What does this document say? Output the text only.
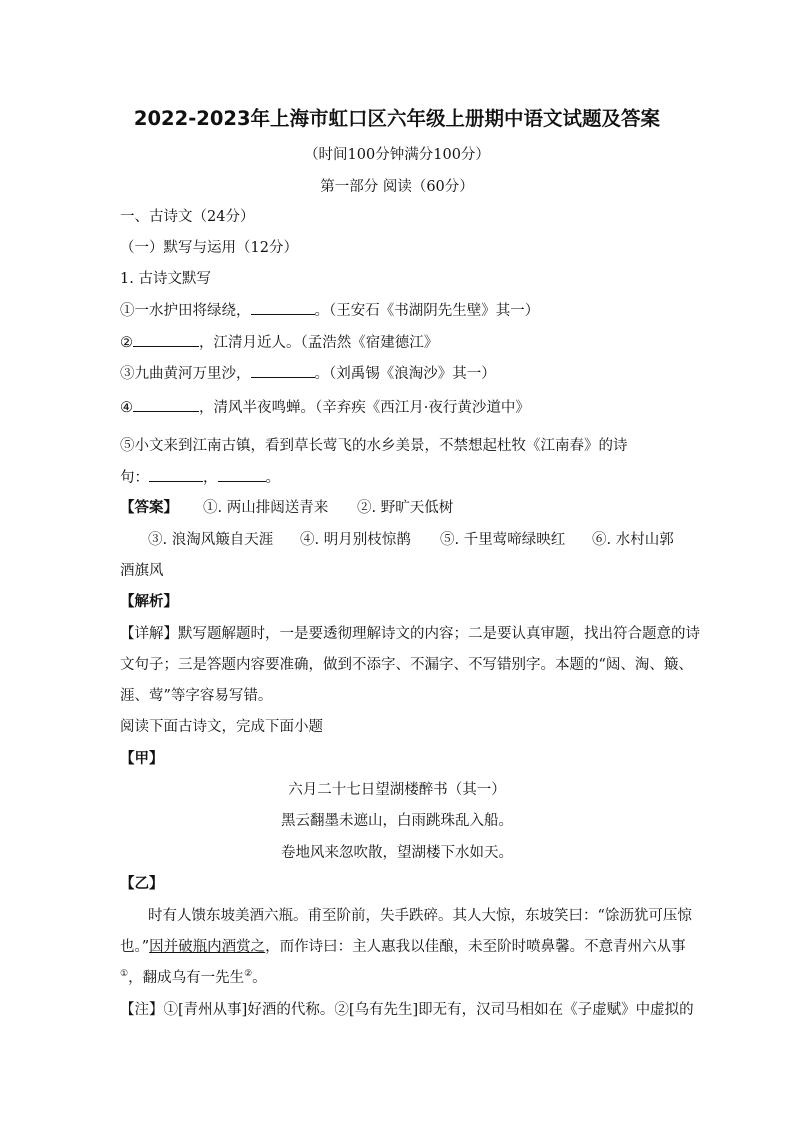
2022-2023年上海市虹口区六年级上册期中语文试题及答案
（时间100分钟满分100分）
第一部分 阅读（60分）
一、古诗文（24分）
（一）默写与运用（12分）
1. 古诗文默写
①一水护田将绿绕，	。（王安石《书湖阴先生壁》其一）
②	，江清月近人。（孟浩然《宿建德江》
③九曲黄河万里沙，	。（刘禹锡《浪淘沙》其一）
④	，清风半夜鸣蝉。（辛弃疾《西江月·夜行黄沙道中》
⑤小文来到江南古镇，看到草长莺飞的水乡美景，不禁想起杜牧《江南春》的诗
句：	，	。
【答案】 ①. 两山排闼送青来 ②. 野旷天低树
③. 浪淘风簸自天涯 ④. 明月别枝惊鹊 ⑤. 千里莺啼绿映红 ⑥. 水村山郭
酒旗风
【解析】
【详解】默写题解题时，一是要透彻理解诗文的内容；二是要认真审题，找出符合题意的诗
文句子；三是答题内容要准确，做到不添字、不漏字、不写错别字。本题的“闼、淘、簸、
涯、莺”等字容易写错。
阅读下面古诗文，完成下面小题
【甲】
六月二十七日望湖楼醉书（其一）
黑云翻墨未遮山，白雨跳珠乱入船。
卷地风来忽吹散，望湖楼下水如天。
【乙】
时有人馈东坡美酒六瓶。甫至阶前，失手跌碎。其人大惊，东坡笑曰：“馀沥犹可压惊
也。”因并破瓶内酒赏之，而作诗曰：主人惠我以佳酿，未至阶时喷鼻馨。不意青州六从事
①，翻成乌有一先生②。
【注】①[青州从事]好酒的代称。②[乌有先生]即无有，汉司马相如在《子虚赋》中虚拟的
